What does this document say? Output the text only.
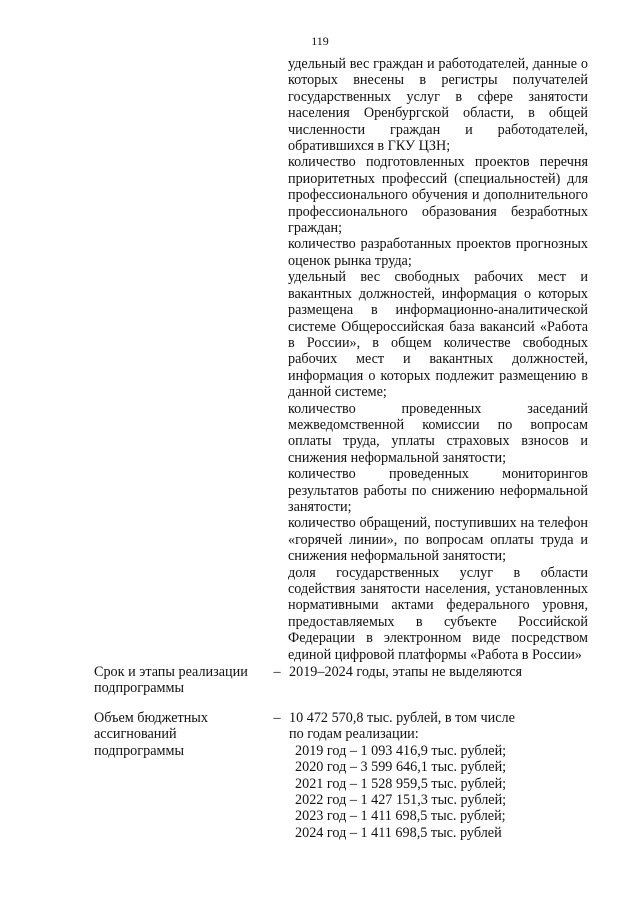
119
удельный вес граждан и работодателей, данные о которых внесены в регистры получателей государственных услуг в сфере занятости населения Оренбургской области, в общей численности граждан и работодателей, обратившихся в ГКУ ЦЗН;
количество подготовленных проектов перечня приоритетных профессий (специальностей) для профессионального обучения и дополнительного профессионального образования безработных граждан;
количество разработанных проектов прогнозных оценок рынка труда;
удельный вес свободных рабочих мест и вакантных должностей, информация о которых размещена в информационно-аналитической системе Общероссийская база вакансий «Работа в России», в общем количестве свободных рабочих мест и вакантных должностей, информация о которых подлежит размещению в данной системе;
количество проведенных заседаний межведомственной комиссии по вопросам оплаты труда, уплаты страховых взносов и снижения неформальной занятости;
количество проведенных мониторингов результатов работы по снижению неформальной занятости;
количество обращений, поступивших на телефон «горячей линии», по вопросам оплаты труда и снижения неформальной занятости;
доля государственных услуг в области содействия занятости населения, установленных нормативными актами федерального уровня, предоставляемых в субъекте Российской Федерации в электронном виде посредством единой цифровой платформы «Работа в России»
Срок и этапы реализации подпрограммы
– 2019–2024 годы, этапы не выделяются
Объем бюджетных ассигнований подпрограммы
– 10 472 570,8 тыс. рублей, в том числе
по годам реализации:
2019 год – 1 093 416,9 тыс. рублей;
2020 год – 3 599 646,1 тыс. рублей;
2021 год – 1 528 959,5 тыс. рублей;
2022 год – 1 427 151,3 тыс. рублей;
2023 год – 1 411 698,5 тыс. рублей;
2024 год – 1 411 698,5 тыс. рублей
